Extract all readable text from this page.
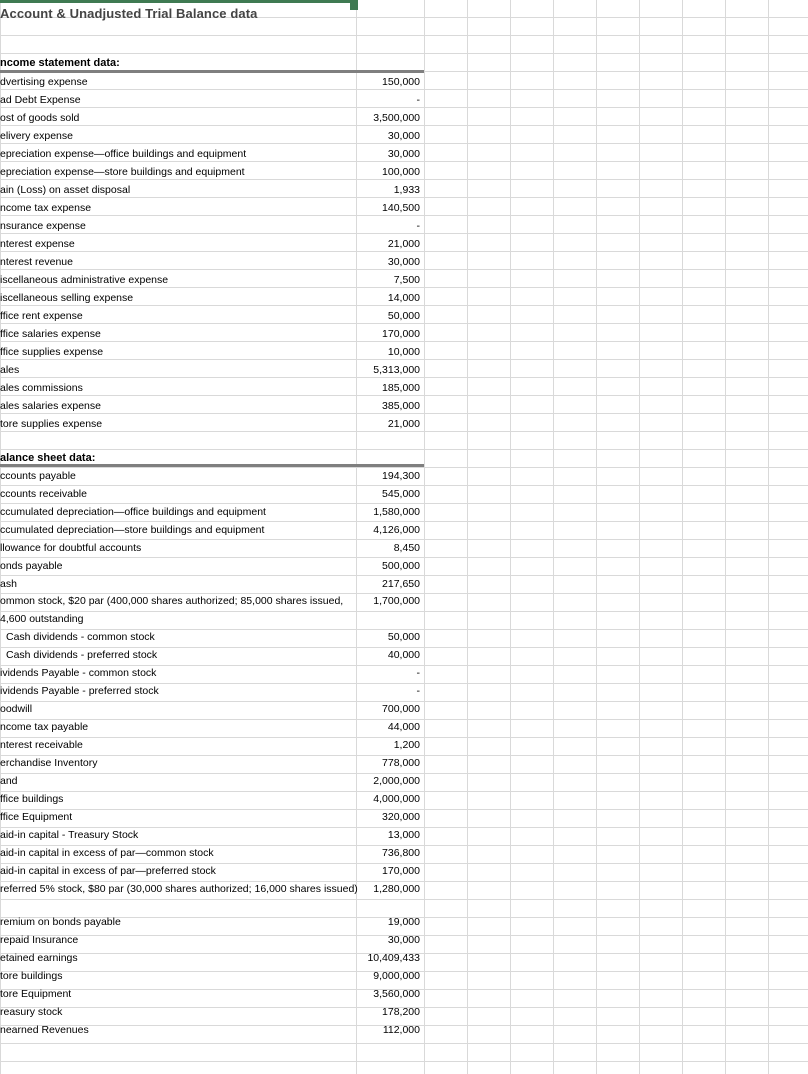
Account & Unadjusted Trial Balance data
ncome statement data:
dvertising expense	150,000
ad Debt Expense	-
ost of goods sold	3,500,000
elivery expense	30,000
epreciation expense—office buildings and equipment	30,000
epreciation expense—store buildings and equipment	100,000
ain (Loss) on asset disposal	1,933
ncome tax expense	140,500
nsurance expense	-
nterest expense	21,000
nterest revenue	30,000
iscellaneous administrative expense	7,500
iscellaneous selling expense	14,000
ffice rent expense	50,000
ffice salaries expense	170,000
ffice supplies expense	10,000
ales	5,313,000
ales commissions	185,000
ales salaries expense	385,000
tore supplies expense	21,000
alance sheet data:
ccounts payable	194,300
ccounts receivable	545,000
ccumulated depreciation—office buildings and equipment	1,580,000
ccumulated depreciation—store buildings and equipment	4,126,000
llowance for doubtful accounts	8,450
onds payable	500,000
ash	217,650
ommon stock, $20 par (400,000 shares authorized; 85,000 shares issued,
4,600 outstanding
1,700,000
Cash dividends - common stock	50,000
Cash dividends - preferred stock	40,000
ividends Payable - common stock	-
ividends Payable - preferred stock	-
oodwill	700,000
ncome tax payable	44,000
nterest receivable	1,200
erchandise Inventory	778,000
and	2,000,000
ffice buildings	4,000,000
ffice Equipment	320,000
aid-in capital - Treasury Stock	13,000
aid-in capital in excess of par—common stock	736,800
aid-in capital in excess of par—preferred stock	170,000
referred 5% stock, $80 par (30,000 shares authorized; 16,000 shares issued)	1,280,000
remium on bonds payable	19,000
repaid Insurance	30,000
etained earnings	10,409,433
tore buildings	9,000,000
tore Equipment	3,560,000
reasury stock	178,200
nearned Revenues	112,000
